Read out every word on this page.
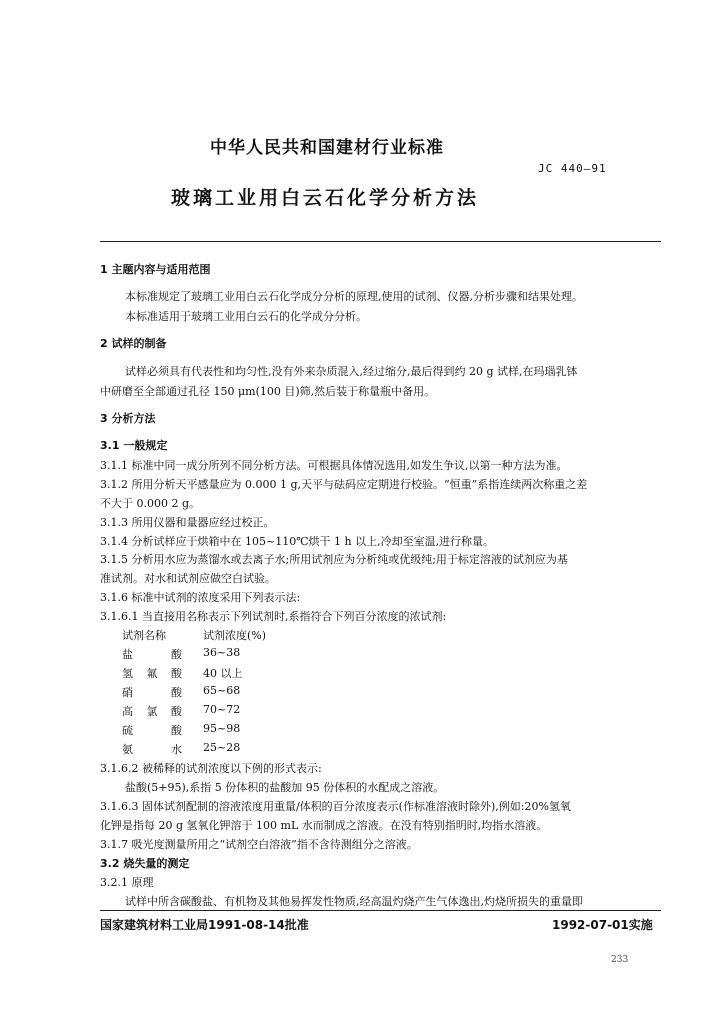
中华人民共和国建材行业标准
JC 440—91
玻璃工业用白云石化学分析方法
1 主题内容与适用范围
本标准规定了玻璃工业用白云石化学成分分析的原理,使用的试剂、仪器,分析步骤和结果处理。
本标准适用于玻璃工业用白云石的化学成分分析。
2 试样的制备
试样必须具有代表性和均匀性,没有外来杂质混入,经过缩分,最后得到约 20 g 试样,在玛瑙乳钵
中研磨至全部通过孔径 150 μm(100 目)筛,然后装于称量瓶中备用。
3 分析方法
3.1 一般规定
3.1.1 标准中同一成分所列不同分析方法。可根据具体情况选用,如发生争议,以第一种方法为准。
3.1.2 所用分析天平感量应为 0.000 1 g,天平与砝码应定期进行校验。“恒重”系指连续两次称重之差
不大于 0.000 2 g。
3.1.3 所用仪器和量器应经过校正。
3.1.4 分析试样应于烘箱中在 105~110℃烘干 1 h 以上,冷却至室温,进行称量。
3.1.5 分析用水应为蒸馏水或去离子水;所用试剂应为分析纯或优级纯;用于标定溶液的试剂应为基
准试剂。对水和试剂应做空白试验。
3.1.6 标准中试剂的浓度采用下列表示法:
3.1.6.1 当直接用名称表示下列试剂时,系指符合下列百分浓度的浓试剂:
试剂名称	试剂浓度(%)
盐	酸 36~38
氢 氟 酸 40 以上
硝	酸 65~68
高 氯 酸 70~72
硫	酸 95~98
氨	水 25~28
3.1.6.2 被稀释的试剂浓度以下例的形式表示:
盐酸(5+95),系指 5 份体积的盐酸加 95 份体积的水配成之溶液。
3.1.6.3 固体试剂配制的溶液浓度用重量/体积的百分浓度表示(作标准溶液时除外),例如:20%氢氧
化钾是指每 20 g 氢氧化钾溶于 100 mL 水而制成之溶液。在没有特别指明时,均指水溶液。
3.1.7 吸光度测量所用之“试剂空白溶液”指不含待测组分之溶液。
3.2 烧失量的测定
3.2.1 原理
试样中所含碳酸盐、有机物及其他易挥发性物质,经高温灼烧产生气体逸出,灼烧所损失的重量即
国家建筑材料工业局1991-08-14批准	1992-07-01实施
233
